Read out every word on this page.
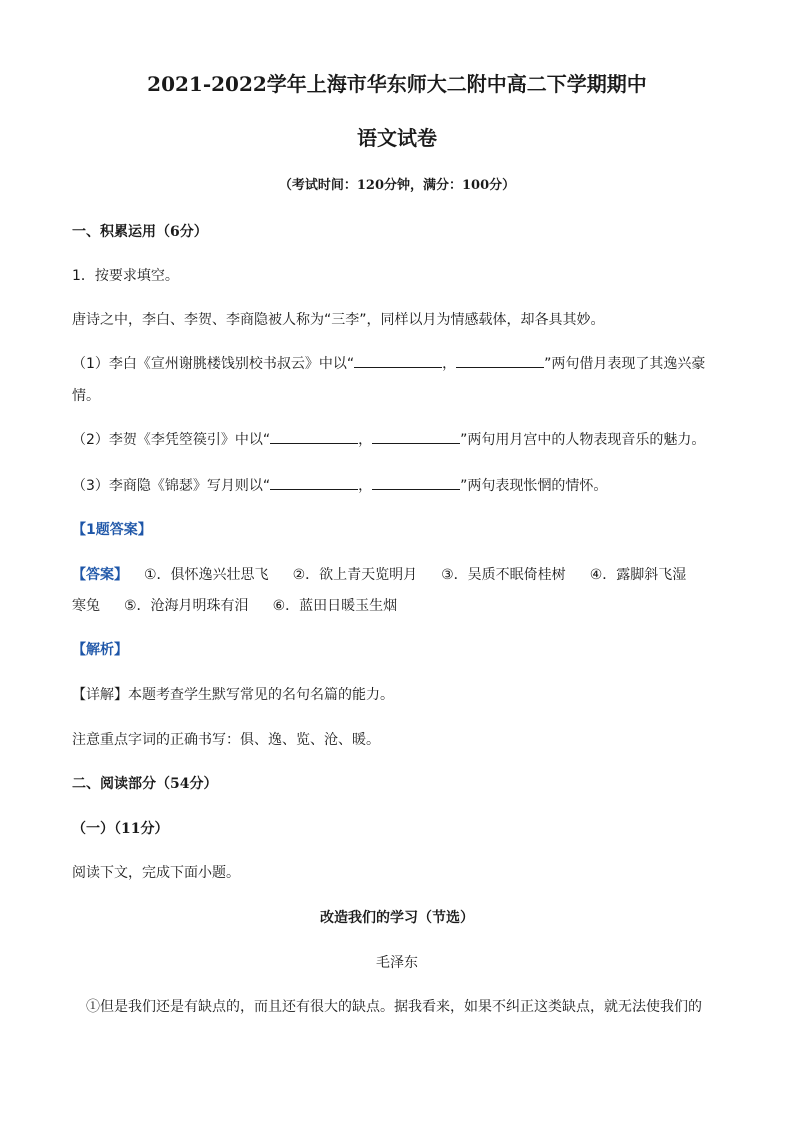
2021-2022学年上海市华东师大二附中高二下学期期中
语文试卷
（考试时间：120分钟，满分：100分）
一、积累运用（6分）
1．按要求填空。
唐诗之中，李白、李贺、李商隐被人称为“三李”，同样以月为情感载体，却各具其妙。
（1）李白《宣州谢朓楼饯别校书叔云》中以“	，	”两句借月表现了其逸兴豪
情。
（2）李贺《李凭箜篌引》中以“	，	”两句用月宫中的人物表现音乐的魅力。
（3）李商隐《锦瑟》写月则以“	，	”两句表现怅惘的情怀。
【1题答案】
【答案】 ①．俱怀逸兴壮思飞 ②．欲上青天览明月 ③．吴质不眠倚桂树 ④．露脚斜飞湿
寒兔 ⑤．沧海月明珠有泪 ⑥．蓝田日暖玉生烟
【解析】
【详解】本题考查学生默写常见的名句名篇的能力。
注意重点字词的正确书写：俱、逸、览、沧、暖。
二、阅读部分（54分）
（一）（11分）
阅读下文，完成下面小题。
改造我们的学习（节选）
毛泽东
①但是我们还是有缺点的，而且还有很大的缺点。据我看来，如果不纠正这类缺点，就无法使我们的
